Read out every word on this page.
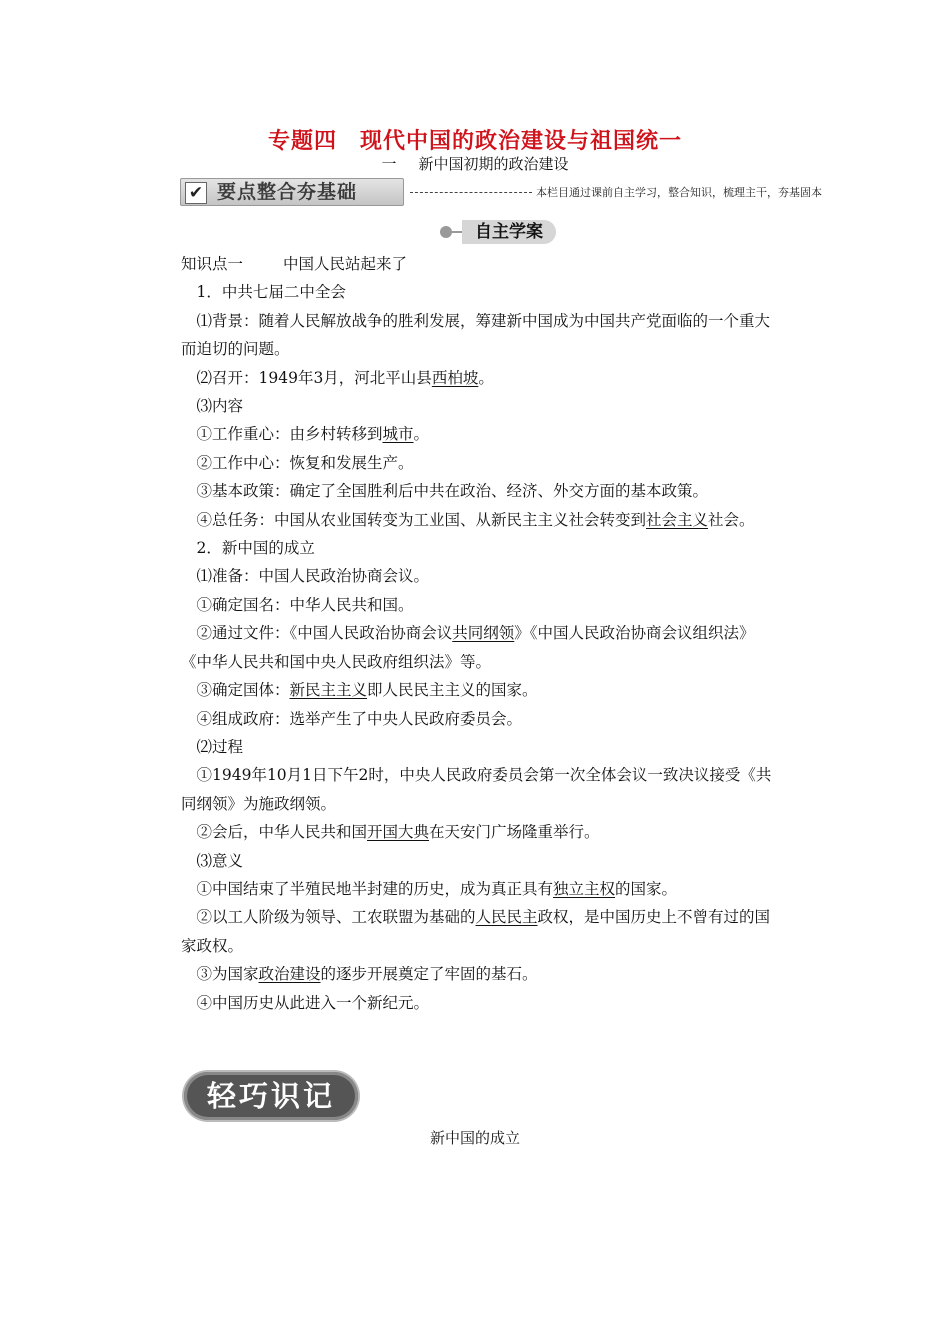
专题四　现代中国的政治建设与祖国统一
一 新中国初期的政治建设
✔ 要点整合夯基础	本栏目通过课前自主学习，整合知识，梳理主干，夯基固本
自主学案

知识点一	中国人民站起来了

1．中共七届二中全会

⑴背景：随着人民解放战争的胜利发展，筹建新中国成为中国共产党面临的一个重大

而迫切的问题。

⑵召开：1949年3月，河北平山县西柏坡。

⑶内容

①工作重心：由乡村转移到城市。

②工作中心：恢复和发展生产。

③基本政策：确定了全国胜利后中共在政治、经济、外交方面的基本政策。

④总任务：中国从农业国转变为工业国、从新民主主义社会转变到社会主义社会。

2．新中国的成立

⑴准备：中国人民政治协商会议。

①确定国名：中华人民共和国。

②通过文件：《中国人民政治协商会议共同纲领》《中国人民政治协商会议组织法》

《中华人民共和国中央人民政府组织法》等。

③确定国体：新民主主义即人民民主主义的国家。

④组成政府：选举产生了中央人民政府委员会。

⑵过程

①1949年10月1日下午2时，中央人民政府委员会第一次全体会议一致决议接受《共

同纲领》为施政纲领。

②会后，中华人民共和国开国大典在天安门广场隆重举行。

⑶意义

①中国结束了半殖民地半封建的历史，成为真正具有独立主权的国家。

②以工人阶级为领导、工农联盟为基础的人民民主政权，是中国历史上不曾有过的国

家政权。

③为国家政治建设的逐步开展奠定了牢固的基石。

④中国历史从此进入一个新纪元。

轻巧识记
新中国的成立
